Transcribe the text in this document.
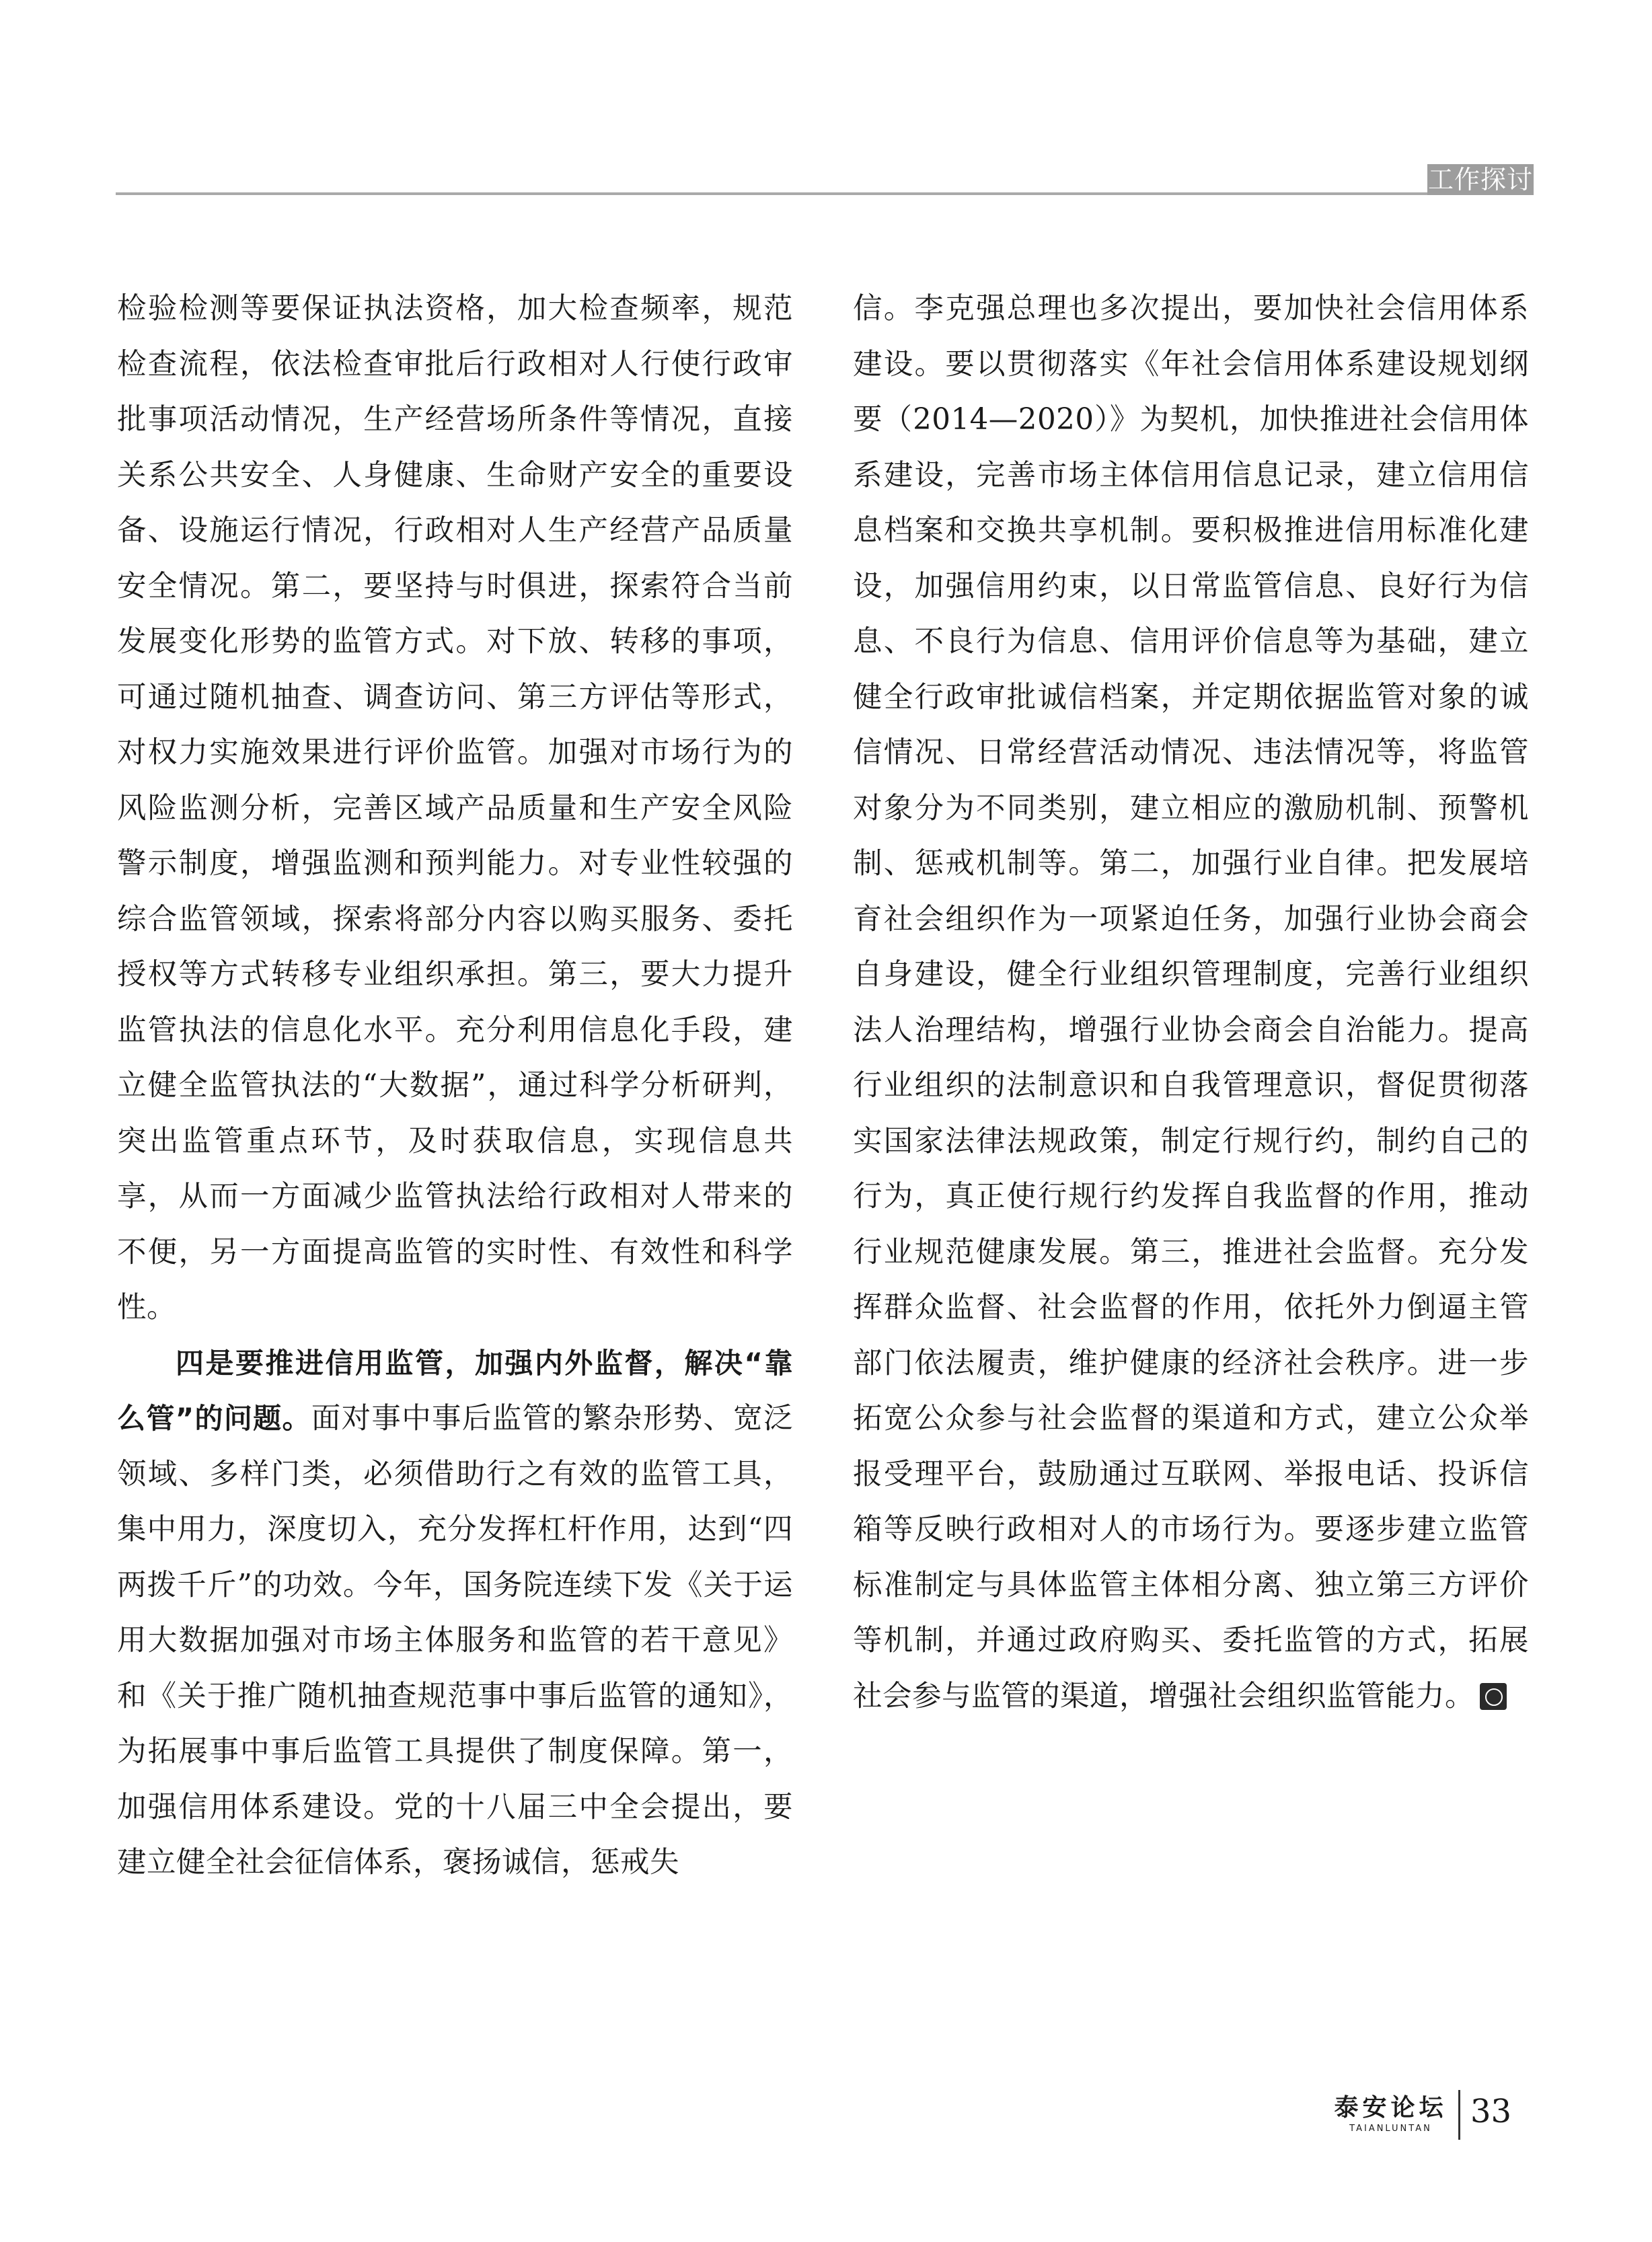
工作探讨

检验检测等要保证执法资格，加大检查频率，规范检查流程，依法检查审批后行政相对人行使行政审批事项活动情况，生产经营场所条件等情况，直接关系公共安全、人身健康、生命财产安全的重要设备、设施运行情况，行政相对人生产经营产品质量安全情况。第二，要坚持与时俱进，探索符合当前发展变化形势的监管方式。对下放、转移的事项，可通过随机抽查、调查访问、第三方评估等形式，对权力实施效果进行评价监管。加强对市场行为的风险监测分析，完善区域产品质量和生产安全风险警示制度，增强监测和预判能力。对专业性较强的综合监管领域，探索将部分内容以购买服务、委托授权等方式转移专业组织承担。第三，要大力提升监管执法的信息化水平。充分利用信息化手段，建立健全监管执法的“大数据”，通过科学分析研判，突出监管重点环节，及时获取信息，实现信息共享，从而一方面减少监管执法给行政相对人带来的不便，另一方面提高监管的实时性、有效性和科学性。

四是要推进信用监管，加强内外监督，解决“靠么管”的问题。面对事中事后监管的繁杂形势、宽泛领域、多样门类，必须借助行之有效的监管工具，集中用力，深度切入，充分发挥杠杆作用，达到“四两拨千斤”的功效。今年，国务院连续下发《关于运用大数据加强对市场主体服务和监管的若干意见》和《关于推广随机抽查规范事中事后监管的通知》，为拓展事中事后监管工具提供了制度保障。第一，加强信用体系建设。党的十八届三中全会提出，要建立健全社会征信体系，褒扬诚信，惩戒失

信。李克强总理也多次提出，要加快社会信用体系建设。要以贯彻落实《年社会信用体系建设规划纲要（2014—2020）》为契机，加快推进社会信用体系建设，完善市场主体信用信息记录，建立信用信息档案和交换共享机制。要积极推进信用标准化建设，加强信用约束，以日常监管信息、良好行为信息、不良行为信息、信用评价信息等为基础，建立健全行政审批诚信档案，并定期依据监管对象的诚信情况、日常经营活动情况、违法情况等，将监管对象分为不同类别，建立相应的激励机制、预警机制、惩戒机制等。第二，加强行业自律。把发展培育社会组织作为一项紧迫任务，加强行业协会商会自身建设，健全行业组织管理制度，完善行业组织法人治理结构，增强行业协会商会自治能力。提高行业组织的法制意识和自我管理意识，督促贯彻落实国家法律法规政策，制定行规行约，制约自己的行为，真正使行规行约发挥自我监督的作用，推动行业规范健康发展。第三，推进社会监督。充分发挥群众监督、社会监督的作用，依托外力倒逼主管部门依法履责，维护健康的经济社会秩序。进一步拓宽公众参与社会监督的渠道和方式，建立公众举报受理平台，鼓励通过互联网、举报电话、投诉信箱等反映行政相对人的市场行为。要逐步建立监管标准制定与具体监管主体相分离、独立第三方评价等机制，并通过政府购买、委托监管的方式，拓展社会参与监管的渠道，增强社会组织监管能力。

泰安论坛
TAIANLUNTAN	33
